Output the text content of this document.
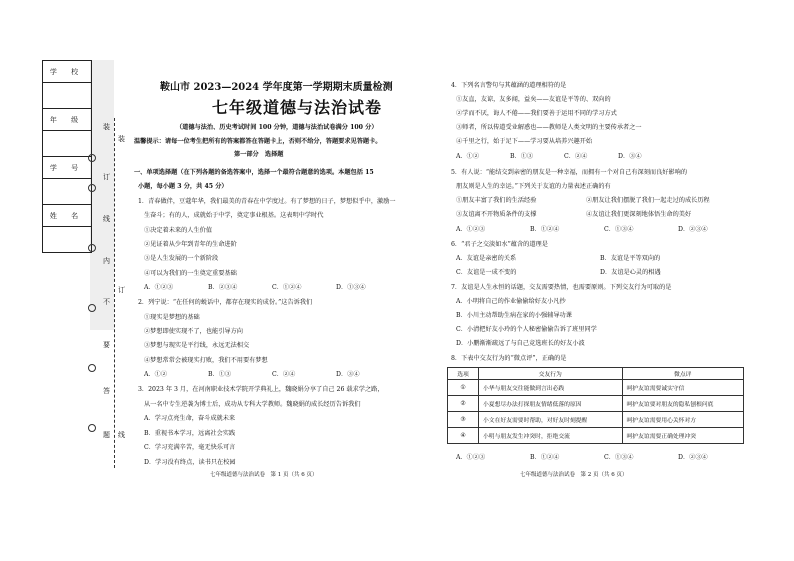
学 校
年 级
学 号
姓 名
装
订
线
内
不
要
答
题
装
订
线
鞍山市 2023—2024 学年度第一学期期末质量检测
七年级道德与法治试卷
（道德与法治、历史考试时间 100 分钟，道德与法治试卷满分 100 分）
温馨提示：请每一位考生把所有的答案都答在答题卡上，否则不给分，答题要求见答题卡。
第一部分　选择题
一、单项选择题（在下列各题的备选答案中，选择一个最符合题意的选项。本题包括 15
小题，每小题 3 分，共 45 分）
1．青春做伴，豆蔻年华，我们最美的青春在中学度过。有了梦想的日子，梦想似乎中，激励一
生奋斗；有的人，成就始于中学，奠定事业根基。这表明中学时代
①决定着未来的人生价值
②见证着从少年到青年的生命进阶
③是人生发展的一个新阶段
④可以为我们的一生奠定重要基础
A．①②③	B．②③④	C．①②④	D．①③④
2．列宁说：“在任何的蜕话中，都存在现实的成份。”这告诉我们
①现实是梦想的基础
②梦想即使实现不了，也能引导方向
③梦想与现实是平行线，永远无法相交
④梦想常常会被现实打败，我们不用要有梦想
A．①②	B．①③	C．②④	D．③④
3．2023 年 3 月，在河南职业技术学院开学典礼上，魏晓娟分享了自己 26 载求学之路，
从一名中专生逆袭为博士后，成功从专科大学教师。魏晓娟的成长经历告诉我们
A．学习点亮生命，奋斗成就未来
B．重视书本学习，远离社会实践
C．学习充满辛苦，毫无快乐可言
D．学习没有终点，读书只在校园
七年级道德与法治试卷　第 1 页（共 6 页）
4．下列名言警句与其蕴涵的道理相符的是
①友直，友谅，友多闻，益矣——友谊是平等的、双向的
②学而不厌，诲人不倦——我们要善于运用不同的学习方式
③师者，所以传道受业解惑也——教师是人类文明的主要传承者之一
④千里之行，始于足下——学习要从培养兴趣开始
A．①②	B．①③	C．②④	D．③④
5．有人说：“能结交到亲密的朋友是一种幸福，而拥有一个对自己有深刻而良好影响的
朋友则是人生的幸运。”下列关于友谊的力量表述正确的有
①朋友丰富了我们的生活经验	②朋友让我们摆脱了我们一起走过的成长历程
③友谊离不开物质条件的支撑	④友谊让我们更深刻地体悟生命的美好
A．①②③	B．①②④	C．①③④	D．②③④
6．“君子之交淡如水”蕴含的道理是
A．友谊是亲密的关系	B．友谊是平等双向的
C．友谊是一成不变的	D．友谊是心灵的相遇
7．友谊是人生永恒的话题，交友需要热情，也需要原则。下列交友行为可取的是
A．小明将自己的作业偷偷给好友小凡抄
B．小川主动帮助生病在家的小强辅导功课
C．小清把好友小玲的个人秘密偷偷告诉了班里同学
D．小鹏渐渐疏远了与自己竞选班长的好友小波
8．下表中交友行为的“微点评”，正确的是
选项	交友行为	微点评
①	小华与朋友交往能做到言出必践	呵护友谊需要诚实守信
②	小夏想尽办法打探朋友情绪低落的原因	呵护友谊要对朋友的隐私刨根问底
③	小文在好友需要时帮助，对好友时刻提醒	呵护友谊需要用心关怀对方
④	小明与朋友发生冲突时，拒绝交流	呵护友谊需要正确处理冲突
A．①②③	B．①②④	C．①③④	D．②③④
七年级道德与法治试卷　第 2 页（共 6 页）
